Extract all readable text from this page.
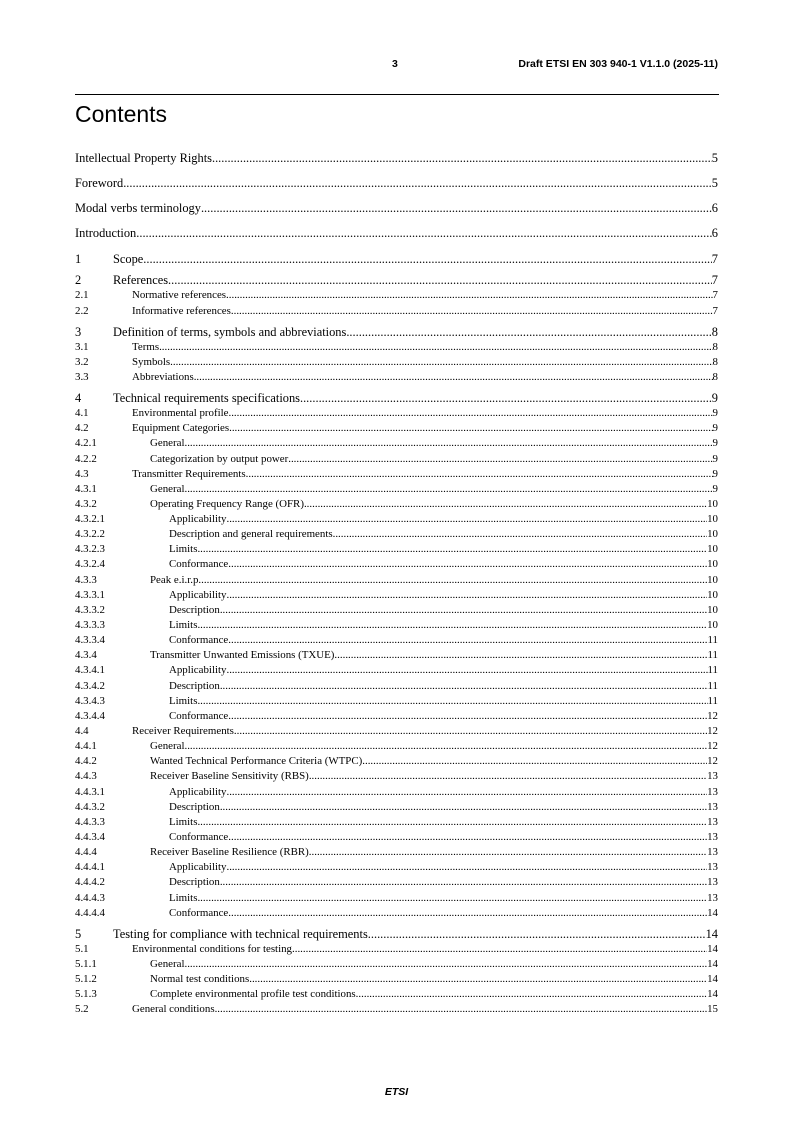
3	Draft ETSI EN 303 940-1 V1.1.0 (2025-11)
Contents
Intellectual Property Rights .....	5
Foreword .....	5
Modal verbs terminology .....	6
Introduction .....	6
1	Scope .....	7
2	References .....	7
2.1	Normative references .....	7
2.2	Informative references .....	7
3	Definition of terms, symbols and abbreviations .....	8
3.1	Terms .....	8
3.2	Symbols .....	8
3.3	Abbreviations .....	8
4	Technical requirements specifications .....	9
4.1	Environmental profile .....	9
4.2	Equipment Categories .....	9
4.2.1	General .....	9
4.2.2	Categorization by output power .....	9
4.3	Transmitter Requirements .....	9
4.3.1	General .....	9
4.3.2	Operating Frequency Range (OFR) .....	10
4.3.2.1	Applicability .....	10
4.3.2.2	Description and general requirements .....	10
4.3.2.3	Limits .....	10
4.3.2.4	Conformance .....	10
4.3.3	Peak e.i.r.p. .....	10
4.3.3.1	Applicability .....	10
4.3.3.2	Description .....	10
4.3.3.3	Limits .....	10
4.3.3.4	Conformance .....	11
4.3.4	Transmitter Unwanted Emissions (TXUE) .....	11
4.3.4.1	Applicability .....	11
4.3.4.2	Description .....	11
4.3.4.3	Limits .....	11
4.3.4.4	Conformance .....	12
4.4	Receiver Requirements .....	12
4.4.1	General .....	12
4.4.2	Wanted Technical Performance Criteria (WTPC) .....	12
4.4.3	Receiver Baseline Sensitivity (RBS) .....	13
4.4.3.1	Applicability .....	13
4.4.3.2	Description .....	13
4.4.3.3	Limits .....	13
4.4.3.4	Conformance .....	13
4.4.4	Receiver Baseline Resilience (RBR) .....	13
4.4.4.1	Applicability .....	13
4.4.4.2	Description .....	13
4.4.4.3	Limits .....	13
4.4.4.4	Conformance .....	14
5	Testing for compliance with technical requirements .....	14
5.1	Environmental conditions for testing .....	14
5.1.1	General .....	14
5.1.2	Normal test conditions .....	14
5.1.3	Complete environmental profile test conditions .....	14
5.2	General conditions .....	15
ETSI
